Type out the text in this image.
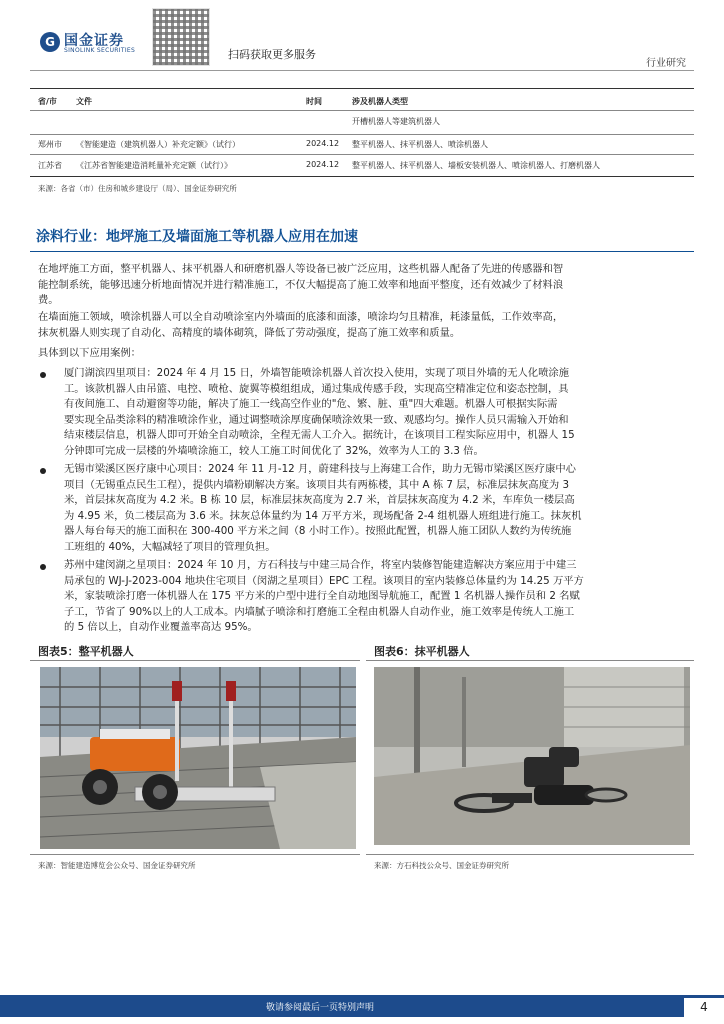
G 国金证券
SINOLINK SECURITIES	扫码获取更多服务
行业研究
省/市 文件	时间	涉及机器人类型
开槽机器人等建筑机器人
郑州市 《智能建造（建筑机器人）补充定额》（试行）	2024.12 整平机器人、抹平机器人、喷涂机器人
江苏省 《江苏省智能建造消耗量补充定额（试行）》	2024.12 整平机器人、抹平机器人、墙板安装机器人、喷涂机器人、打磨机器人
来源：各省（市）住房和城乡建设厅（局）、国金证券研究所
涂料行业：地坪施工及墙面施工等机器人应用在加速
在地坪施工方面，整平机器人、抹平机器人和研磨机器人等设备已被广泛应用，这些机器人配备了先进的传感器和智
能控制系统，能够迅速分析地面情况并进行精准施工，不仅大幅提高了施工效率和地面平整度，还有效减少了材料浪
费。
在墙面施工领域，喷涂机器人可以全自动喷涂室内外墙面的底漆和面漆，喷涂均匀且精准，耗漆量低，工作效率高，
抹灰机器人则实现了自动化、高精度的墙体砌筑，降低了劳动强度，提高了施工效率和质量。
具体到以下应用案例：
厦门湖滨四里项目：2024 年 4 月 15 日，外墙智能喷涂机器人首次投入使用，实现了项目外墙的无人化喷涂施
工。该款机器人由吊篮、电控、喷枪、旋翼等模组组成，通过集成传感手段，实现高空精准定位和姿态控制，具
有夜间施工、自动避窗等功能，解决了施工一线高空作业的"危、繁、脏、重"四大难题。机器人可根据实际需
要实现全品类涂料的精准喷涂作业，通过调整喷涂厚度确保喷涂效果一致、观感均匀。操作人员只需输入开始和
结束楼层信息，机器人即可开始全自动喷涂，全程无需人工介入。据统计，在该项目工程实际应用中，机器人 15
分钟即可完成一层楼的外墙喷涂施工，较人工施工时间优化了 32%，效率为人工的 3.3 倍。
无锡市梁溪区医疗康中心项目：2024 年 11 月-12 月，蔚建科技与上海建工合作，助力无锡市梁溪区医疗康中心
项目（无锡重点民生工程），提供内墙粉刷解决方案。该项目共有两栋楼，其中 A 栋 7 层，标准层抹灰高度为 3
米，首层抹灰高度为 4.2 米。B 栋 10 层，标准层抹灰高度为 2.7 米，首层抹灰高度为 4.2 米，车库负一楼层高
为 4.95 米，负二楼层高为 3.6 米。抹灰总体量约为 14 万平方米，现场配备 2-4 组机器人班组进行施工。抹灰机
器人每台每天的施工面积在 300-400 平方米之间（8 小时工作）。按照此配置，机器人施工团队人数约为传统施
工班组的 40%，大幅减轻了项目的管理负担。
苏州中建闵湖之星项目：2024 年 10 月，方石科技与中建三局合作，将室内装修智能建造解决方案应用于中建三
局承包的 WJ-J-2023-004 地块住宅项目（闵湖之星项目）EPC 工程。该项目的室内装修总体量约为 14.25 万平方
米，家装喷涂打磨一体机器人在 175 平方米的户型中进行全自动地图导航施工，配置 1 名机器人操作员和 2 名赋
子工，节省了 90%以上的人工成本。内墙腻子喷涂和打磨施工全程由机器人自动作业，施工效率是传统人工施工
的 5 倍以上，自动作业覆盖率高达 95%。
图表5：整平机器人
来源：智能建造博览会公众号、国金证券研究所
图表6：抹平机器人
来源：方石科技公众号、国金证券研究所
敬请参阅最后一页特别声明	4
